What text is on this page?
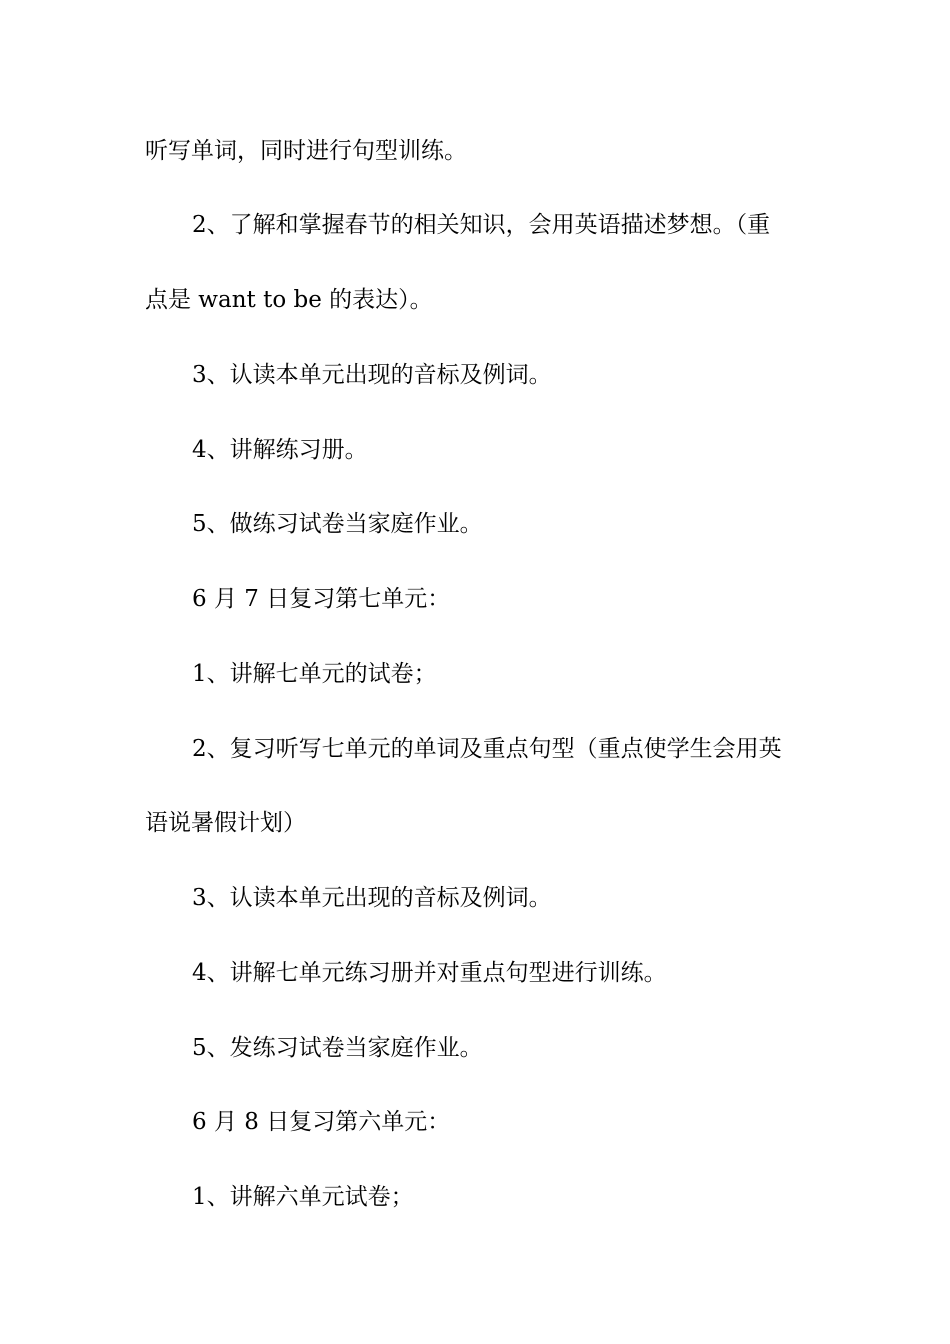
听写单词，同时进行句型训练。
2、了解和掌握春节的相关知识，会用英语描述梦想。（重
点是 want to be 的表达）。
3、认读本单元出现的音标及例词。
4、讲解练习册。
5、做练习试卷当家庭作业。
6 月 7 日复习第七单元：
1、讲解七单元的试卷；
2、复习听写七单元的单词及重点句型（重点使学生会用英
语说暑假计划）
3、认读本单元出现的音标及例词。
4、讲解七单元练习册并对重点句型进行训练。
5、发练习试卷当家庭作业。
6 月 8 日复习第六单元：
1、讲解六单元试卷；
